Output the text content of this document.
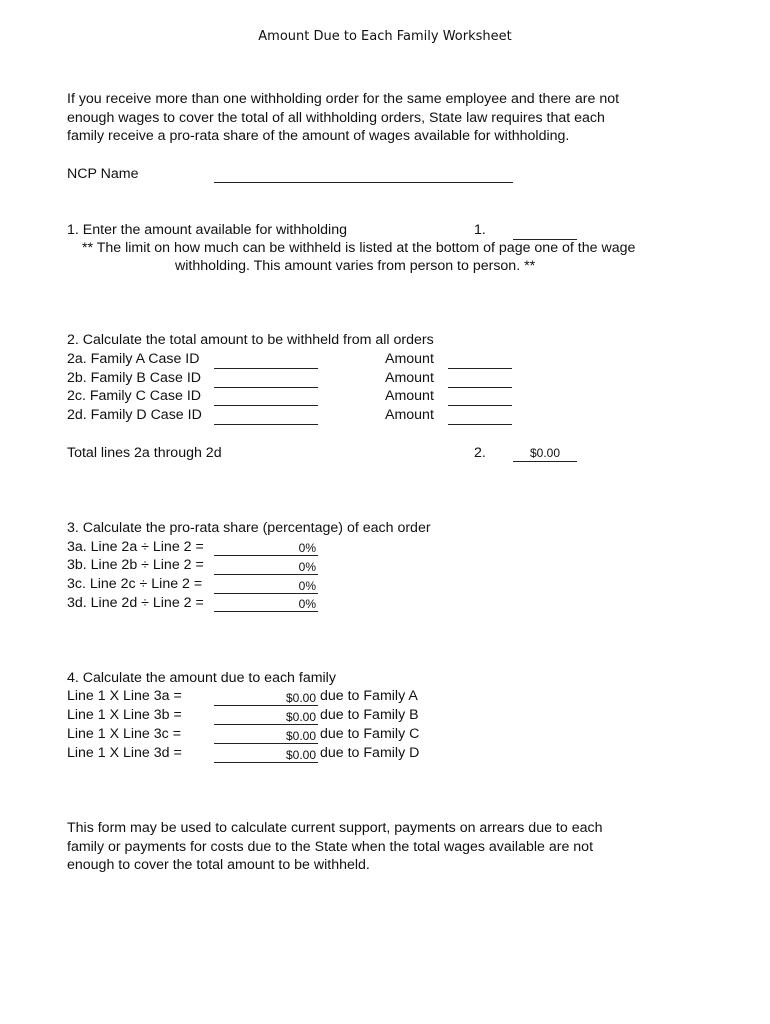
Amount Due to Each Family Worksheet
If you receive more than one withholding order for the same employee and there are not enough wages to cover the total of all withholding orders, State law requires that each family receive a pro-rata share of the amount of wages available for withholding.
NCP Name
1. Enter the amount available for withholding	1.
** The limit on how much can be withheld is listed at the bottom of page one of the wage
withholding. This amount varies from person to person. **
2. Calculate the total amount to be withheld from all orders
2a. Family A Case ID	Amount
2b. Family B Case ID	Amount
2c. Family C Case ID	Amount
2d. Family D Case ID	Amount
Total lines 2a through 2d	2.	$0.00
3. Calculate the pro-rata share (percentage) of each order
3a. Line 2a ÷ Line 2 =	0%
3b. Line 2b ÷ Line 2 =	0%
3c. Line 2c ÷ Line 2 =	0%
3d. Line 2d ÷ Line 2 =	0%
4. Calculate the amount due to each family
Line 1 X Line 3a =	$0.00 due to Family A
Line 1 X Line 3b =	$0.00 due to Family B
Line 1 X Line 3c =	$0.00 due to Family C
Line 1 X Line 3d =	$0.00 due to Family D
This form may be used to calculate current support, payments on arrears due to each family or payments for costs due to the State when the total wages available are not enough to cover the total amount to be withheld.
